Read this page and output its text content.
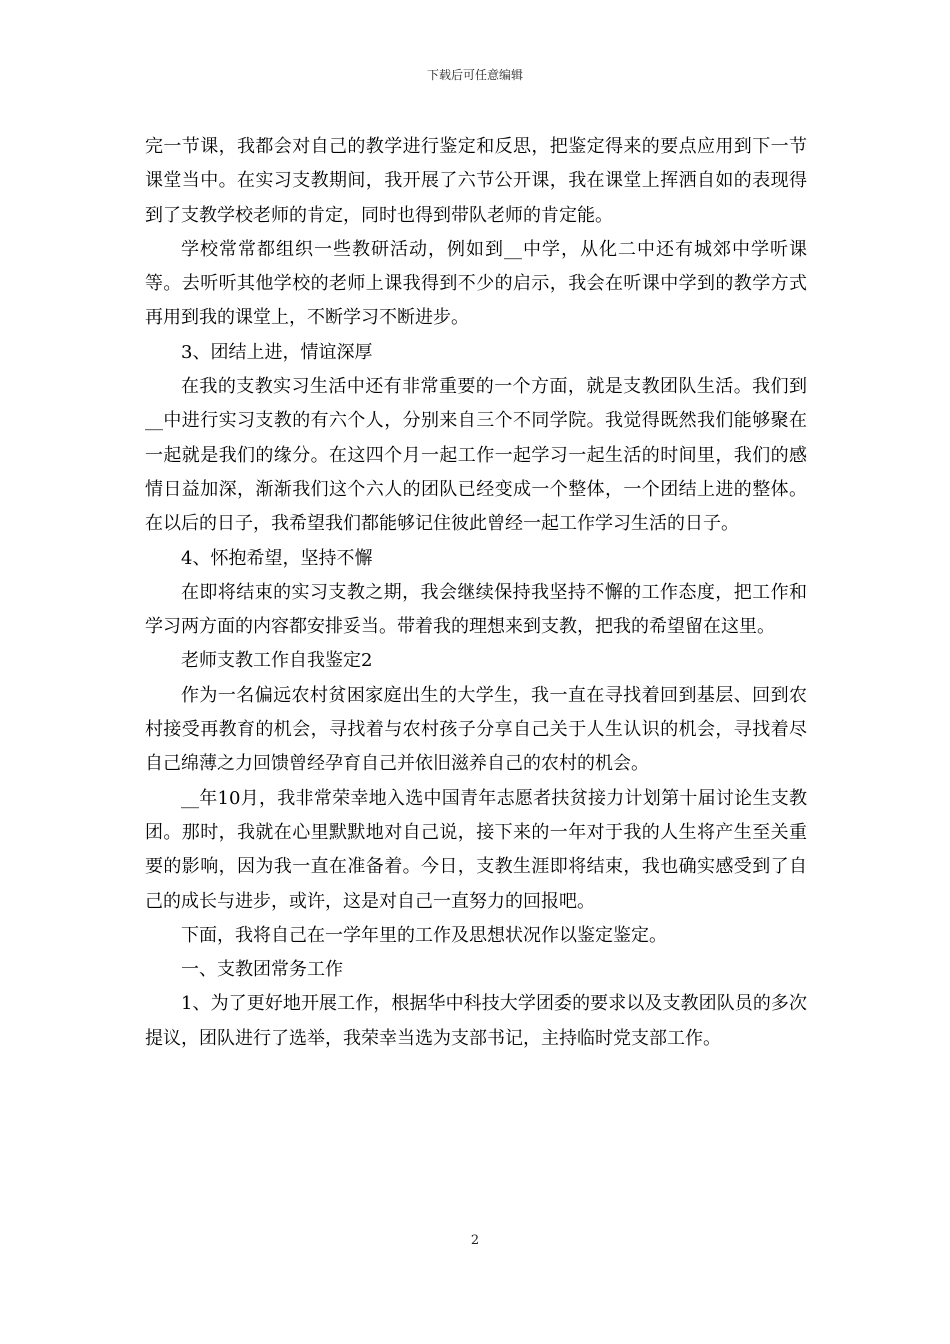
下载后可任意编辑

完一节课，我都会对自己的教学进行鉴定和反思，把鉴定得来的要点应用到下一节课堂当中。在实习支教期间，我开展了六节公开课，我在课堂上挥洒自如的表现得到了支教学校老师的肯定，同时也得到带队老师的肯定能。

学校常常都组织一些教研活动，例如到__中学，从化二中还有城郊中学听课等。去听听其他学校的老师上课我得到不少的启示，我会在听课中学到的教学方式再用到我的课堂上，不断学习不断进步。

3、团结上进，情谊深厚

在我的支教实习生活中还有非常重要的一个方面，就是支教团队生活。我们到__中进行实习支教的有六个人，分别来自三个不同学院。我觉得既然我们能够聚在一起就是我们的缘分。在这四个月一起工作一起学习一起生活的时间里，我们的感情日益加深，渐渐我们这个六人的团队已经变成一个整体，一个团结上进的整体。在以后的日子，我希望我们都能够记住彼此曾经一起工作学习生活的日子。

4、怀抱希望，坚持不懈

在即将结束的实习支教之期，我会继续保持我坚持不懈的工作态度，把工作和学习两方面的内容都安排妥当。带着我的理想来到支教，把我的希望留在这里。

老师支教工作自我鉴定2

作为一名偏远农村贫困家庭出生的大学生，我一直在寻找着回到基层、回到农村接受再教育的机会，寻找着与农村孩子分享自己关于人生认识的机会，寻找着尽自己绵薄之力回馈曾经孕育自己并依旧滋养自己的农村的机会。

__年10月，我非常荣幸地入选中国青年志愿者扶贫接力计划第十届讨论生支教团。那时，我就在心里默默地对自己说，接下来的一年对于我的人生将产生至关重要的影响，因为我一直在准备着。今日，支教生涯即将结束，我也确实感受到了自己的成长与进步，或许，这是对自己一直努力的回报吧。

下面，我将自己在一学年里的工作及思想状况作以鉴定鉴定。

一、支教团常务工作

1、为了更好地开展工作，根据华中科技大学团委的要求以及支教团队员的多次提议，团队进行了选举，我荣幸当选为支部书记，主持临时党支部工作。

2
